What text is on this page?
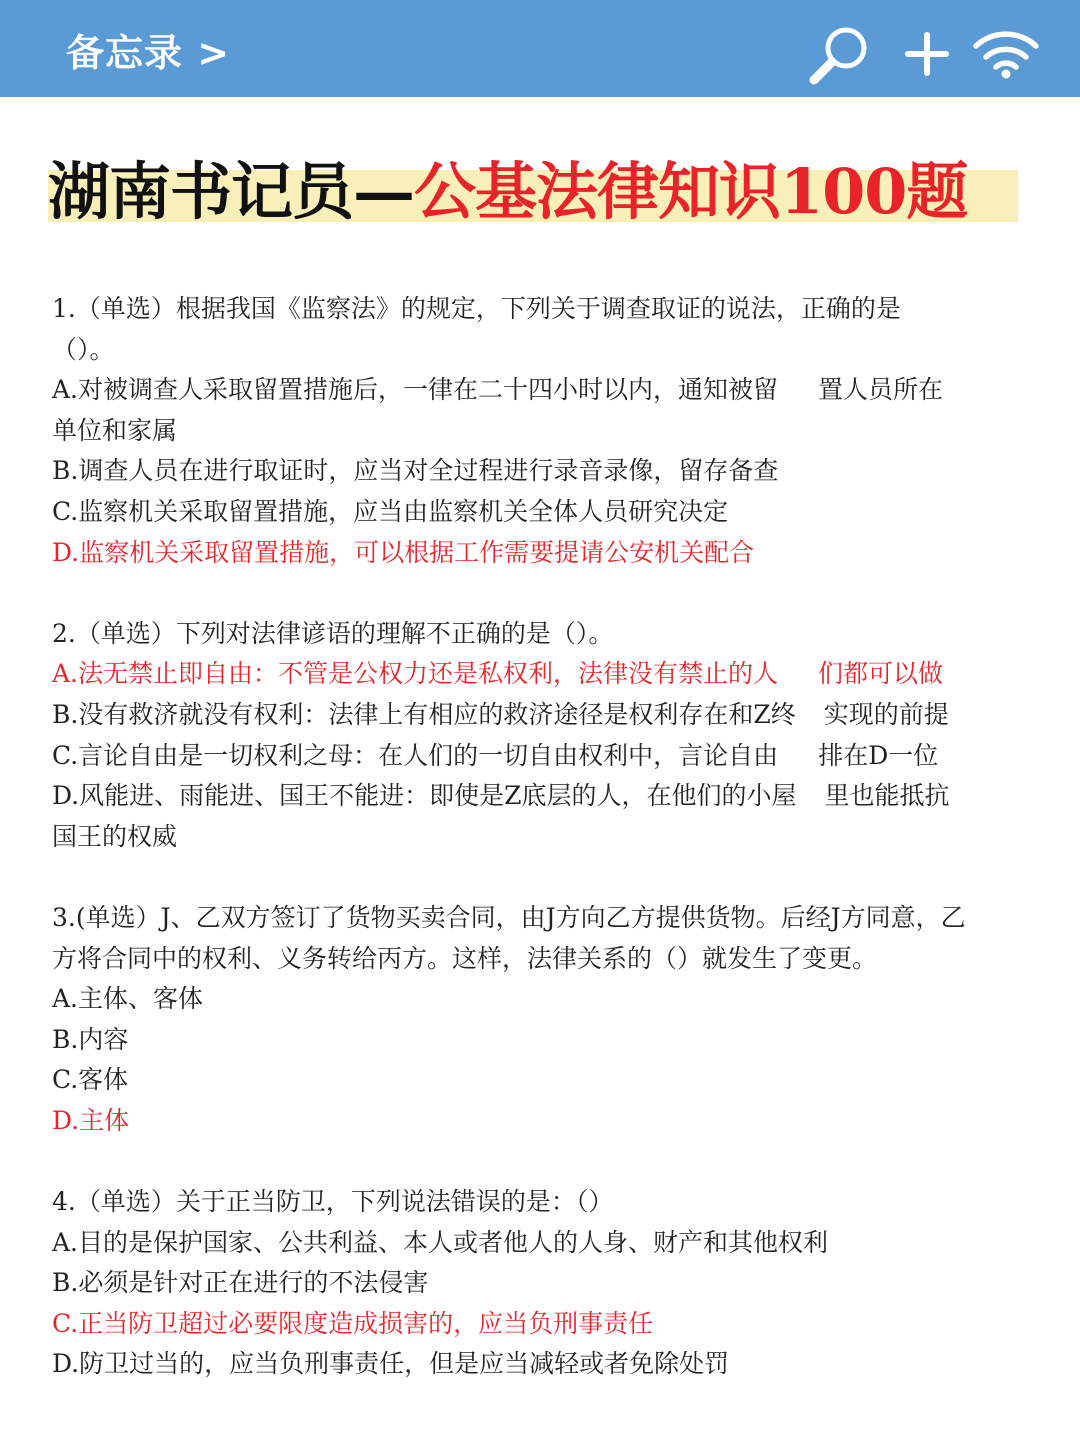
备忘录 >
湖南书记员—公基法律知识100题
1.（单选）根据我国《监察法》的规定，下列关于调查取证的说法，正确的是
（）。
A.对被调查人采取留置措施后，一律在二十四小时以内，通知被留 置人员所在
单位和家属
B.调查人员在进行取证时，应当对全过程进行录音录像，留存备查
C.监察机关采取留置措施，应当由监察机关全体人员研究决定
D.监察机关采取留置措施，可以根据工作需要提请公安机关配合
2.（单选）下列对法律谚语的理解不正确的是（）。
A.法无禁止即自由：不管是公权力还是私权利，法律没有禁止的人 们都可以做
B.没有救济就没有权利：法律上有相应的救济途径是权利存在和Z终 实现的前提
C.言论自由是一切权利之母：在人们的一切自由权利中，言论自由 排在D一位
D.风能进、雨能进、国王不能进：即使是Z底层的人，在他们的小屋 里也能抵抗
国王的权威
3.(单选）J、乙双方签订了货物买卖合同，由J方向乙方提供货物。后经J方同意，乙
方将合同中的权利、义务转给丙方。这样，法律关系的（）就发生了变更。
A.主体、客体
B.内容
C.客体
D.主体
4.（单选）关于正当防卫，下列说法错误的是：（）
A.目的是保护国家、公共利益、本人或者他人的人身、财产和其他权利
B.必须是针对正在进行的不法侵害
C.正当防卫超过必要限度造成损害的，应当负刑事责任
D.防卫过当的，应当负刑事责任，但是应当减轻或者免除处罚
